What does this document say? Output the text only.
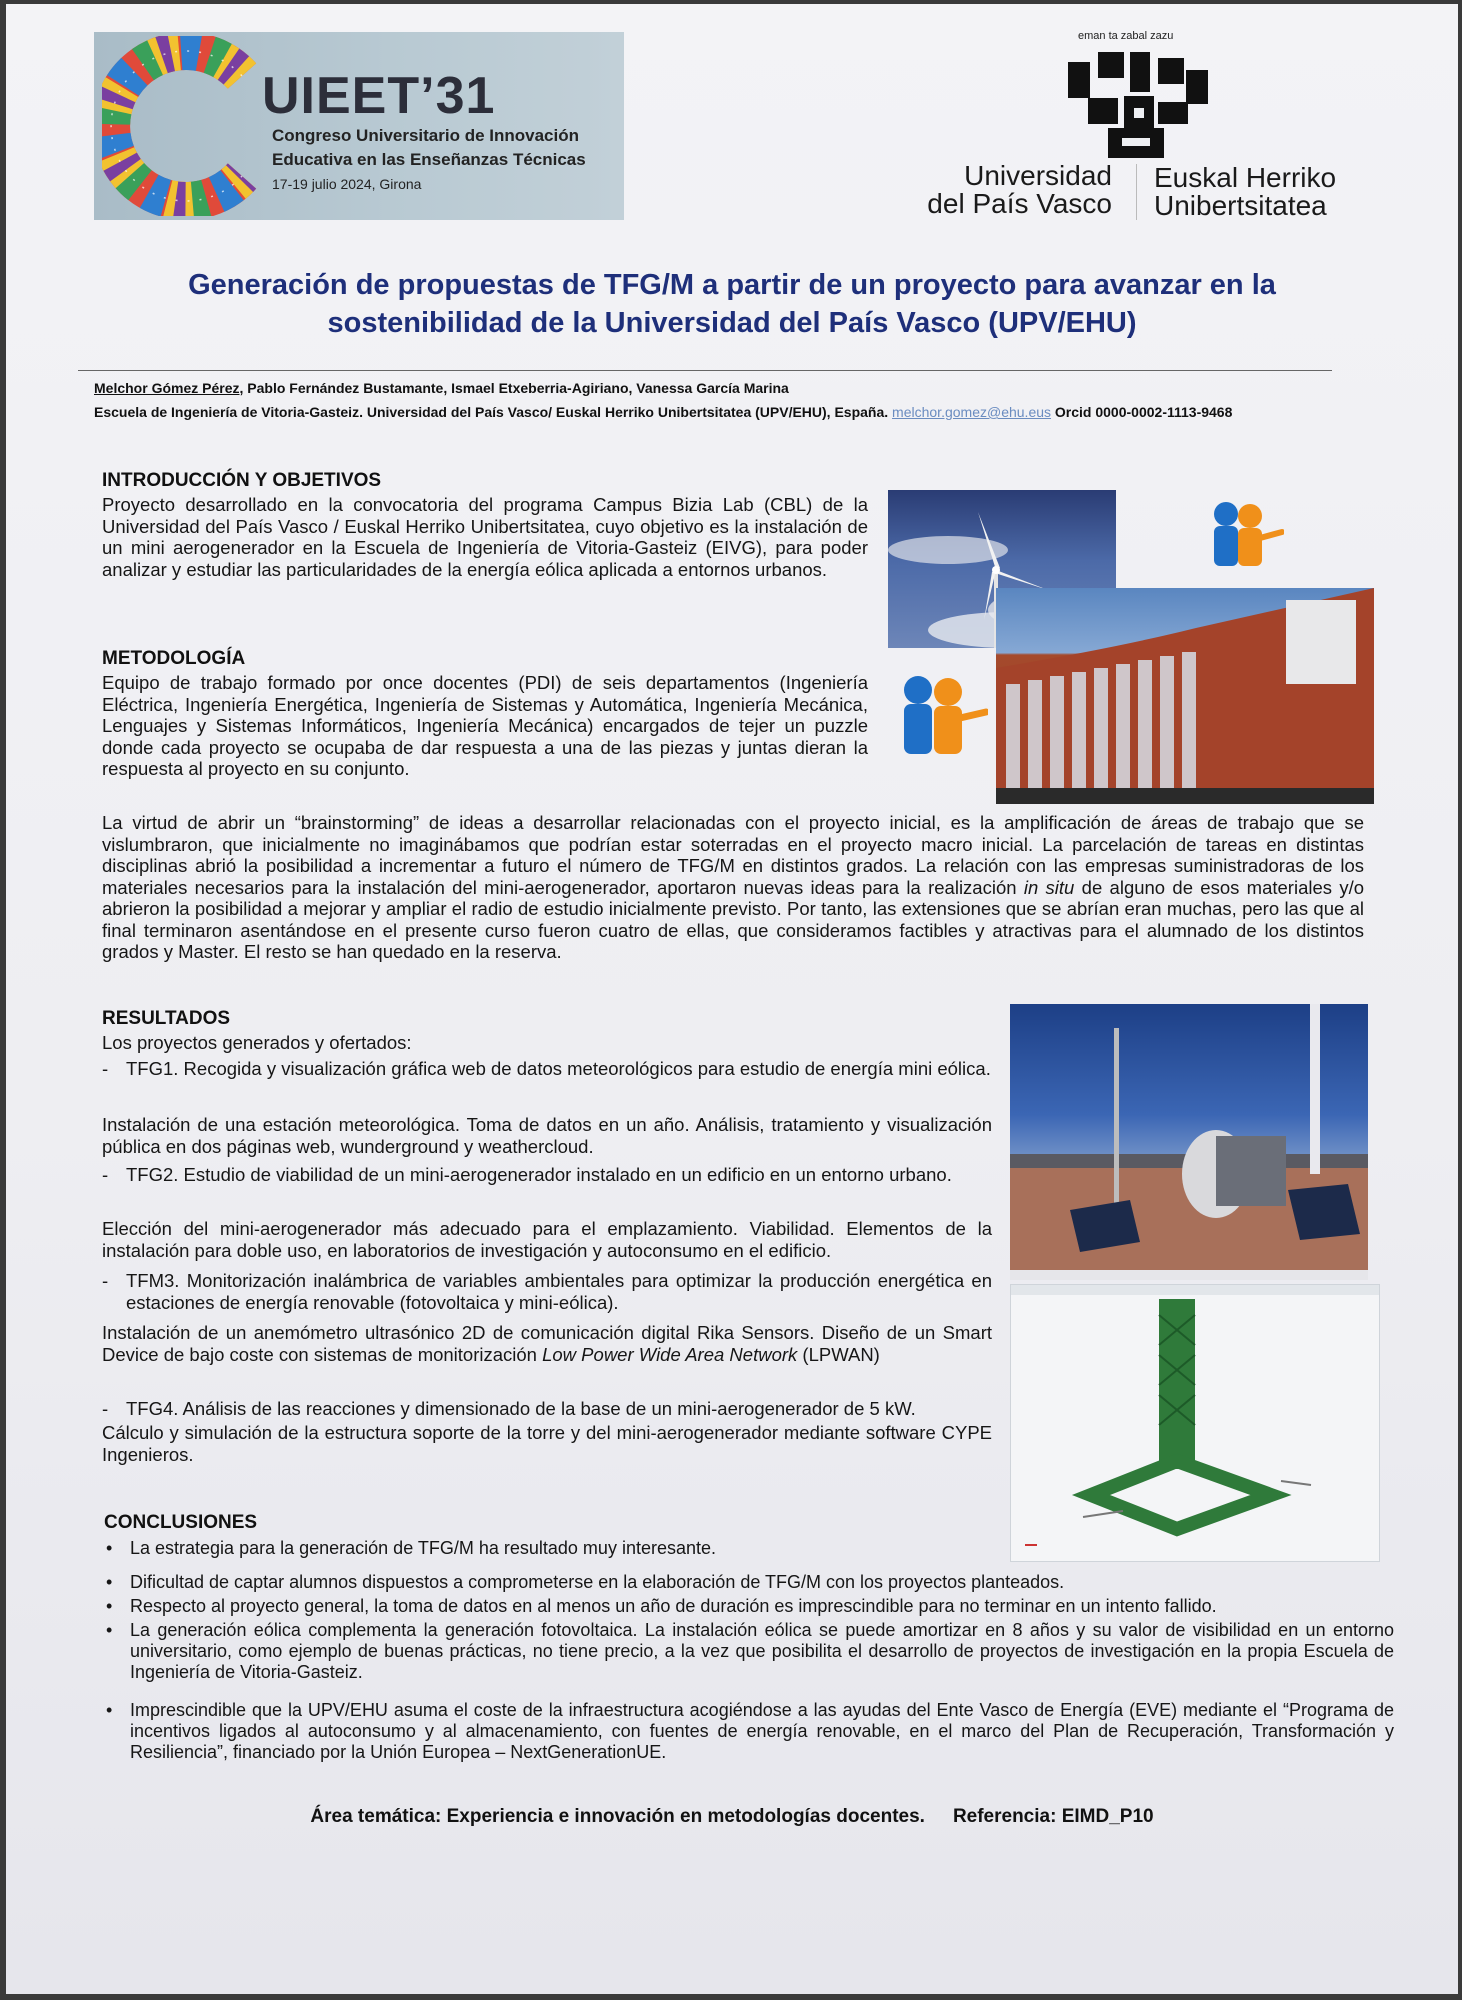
UIEET’31
Congreso Universitario de Innovación
Educativa en las Enseñanzas Técnicas
17-19 julio 2024, Girona
eman ta zabal zazu
Universidad
del País Vasco
Euskal Herriko
Unibertsitatea
Generación de propuestas de TFG/M a partir de un proyecto para avanzar en la
sostenibilidad de la Universidad del País Vasco (UPV/EHU)
Melchor Gómez Pérez, Pablo Fernández Bustamante, Ismael Etxeberria-Agiriano, Vanessa García Marina
Escuela de Ingeniería de Vitoria-Gasteiz. Universidad del País Vasco/ Euskal Herriko Unibertsitatea (UPV/EHU), España. melchor.gomez@ehu.eus Orcid 0000-0002-1113-9468
INTRODUCCIÓN Y OBJETIVOS

Proyecto desarrollado en la convocatoria del programa Campus Bizia Lab (CBL) de la Universidad del País Vasco / Euskal Herriko Unibertsitatea, cuyo objetivo es la instalación de un mini aerogenerador en la Escuela de Ingeniería de Vitoria-Gasteiz (EIVG), para poder analizar y estudiar las particularidades de la energía eólica aplicada a entornos urbanos.

METODOLOGÍA

Equipo de trabajo formado por once docentes (PDI) de seis departamentos (Ingeniería Eléctrica, Ingeniería Energética, Ingeniería de Sistemas y Automática, Ingeniería Mecánica, Lenguajes y Sistemas Informáticos, Ingeniería Mecánica) encargados de tejer un puzzle donde cada proyecto se ocupaba de dar respuesta a una de las piezas y juntas dieran la respuesta al proyecto en su conjunto.

La virtud de abrir un “brainstorming” de ideas a desarrollar relacionadas con el proyecto inicial, es la amplificación de áreas de trabajo que se vislumbraron, que inicialmente no imaginábamos que podrían estar soterradas en el proyecto macro inicial. La parcelación de tareas en distintas disciplinas abrió la posibilidad a incrementar a futuro el número de TFG/M en distintos grados. La relación con las empresas suministradoras de los materiales necesarios para la instalación del mini-aerogenerador, aportaron nuevas ideas para la realización in situ de alguno de esos materiales y/o abrieron la posibilidad a mejorar y ampliar el radio de estudio inicialmente previsto. Por tanto, las extensiones que se abrían eran muchas, pero las que al final terminaron asentándose en el presente curso fueron cuatro de ellas, que consideramos factibles y atractivas para el alumnado de los distintos grados y Master. El resto se han quedado en la reserva.

RESULTADOS

Los proyectos generados y ofertados:

- TFG1. Recogida y visualización gráfica web de datos meteorológicos para estudio de energía mini eólica.

Instalación de una estación meteorológica. Toma de datos en un año. Análisis, tratamiento y visualización pública en dos páginas web, wunderground y weathercloud.

- TFG2. Estudio de viabilidad de un mini-aerogenerador instalado en un edificio en un entorno urbano.

Elección del mini-aerogenerador más adecuado para el emplazamiento. Viabilidad. Elementos de la instalación para doble uso, en laboratorios de investigación y autoconsumo en el edificio.

- TFM3. Monitorización inalámbrica de variables ambientales para optimizar la producción energética en estaciones de energía renovable (fotovoltaica y mini-eólica).

Instalación de un anemómetro ultrasónico 2D de comunicación digital Rika Sensors. Diseño de un Smart Device de bajo coste con sistemas de monitorización Low Power Wide Area Network (LPWAN)

- TFG4. Análisis de las reacciones y dimensionado de la base de un mini-aerogenerador de 5 kW.

Cálculo y simulación de la estructura soporte de la torre y del mini-aerogenerador mediante software CYPE Ingenieros.

CONCLUSIONES
• La estrategia para la generación de TFG/M ha resultado muy interesante.
• Dificultad de captar alumnos dispuestos a comprometerse en la elaboración de TFG/M con los proyectos planteados.
• Respecto al proyecto general, la toma de datos en al menos un año de duración es imprescindible para no terminar en un intento fallido.
• La generación eólica complementa la generación fotovoltaica. La instalación eólica se puede amortizar en 8 años y su valor de visibilidad en un entorno universitario, como ejemplo de buenas prácticas, no tiene precio, a la vez que posibilita el desarrollo de proyectos de investigación en la propia Escuela de Ingeniería de Vitoria-Gasteiz.
• Imprescindible que la UPV/EHU asuma el coste de la infraestructura acogiéndose a las ayudas del Ente Vasco de Energía (EVE) mediante el “Programa de incentivos ligados al autoconsumo y al almacenamiento, con fuentes de energía renovable, en el marco del Plan de Recuperación, Transformación y Resiliencia”, financiado por la Unión Europea – NextGenerationUE.
Área temática: Experiencia e innovación en metodologías docentes. Referencia: EIMD_P10
